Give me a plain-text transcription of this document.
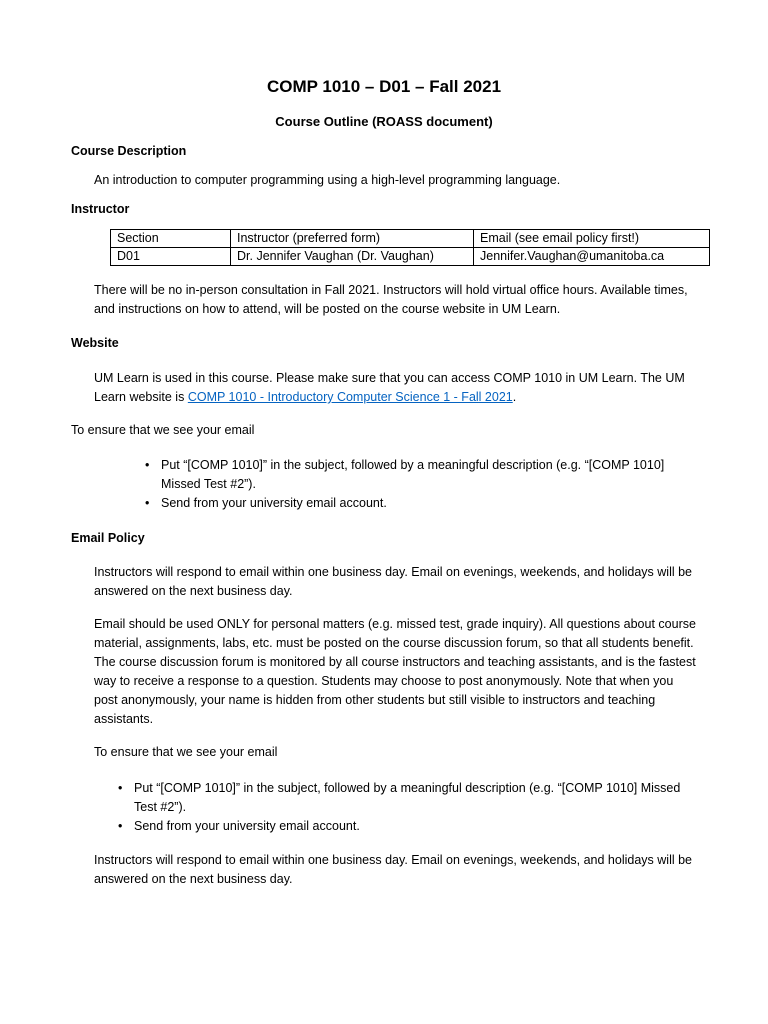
COMP 1010 – D01 – Fall 2021
Course Outline (ROASS document)
Course Description
An introduction to computer programming using a high-level programming language.
Instructor
Section	Instructor (preferred form)	Email (see email policy first!)
D01	Dr. Jennifer Vaughan (Dr. Vaughan)	Jennifer.Vaughan@umanitoba.ca
There will be no in-person consultation in Fall 2021. Instructors will hold virtual office hours. Available times, and instructions on how to attend, will be posted on the course website in UM Learn.
Website
UM Learn is used in this course. Please make sure that you can access COMP 1010 in UM Learn. The UM Learn website is COMP 1010 - Introductory Computer Science 1 - Fall 2021.
To ensure that we see your email
• Put “[COMP 1010]” in the subject, followed by a meaningful description (e.g. “[COMP 1010] Missed Test #2”).
• Send from your university email account.
Email Policy
Instructors will respond to email within one business day. Email on evenings, weekends, and holidays will be answered on the next business day.
Email should be used ONLY for personal matters (e.g. missed test, grade inquiry). All questions about course material, assignments, labs, etc. must be posted on the course discussion forum, so that all students benefit. The course discussion forum is monitored by all course instructors and teaching assistants, and is the fastest way to receive a response to a question. Students may choose to post anonymously. Note that when you post anonymously, your name is hidden from other students but still visible to instructors and teaching assistants.
To ensure that we see your email
• Put “[COMP 1010]” in the subject, followed by a meaningful description (e.g. “[COMP 1010] Missed Test #2”).
• Send from your university email account.
Instructors will respond to email within one business day. Email on evenings, weekends, and holidays will be answered on the next business day.
